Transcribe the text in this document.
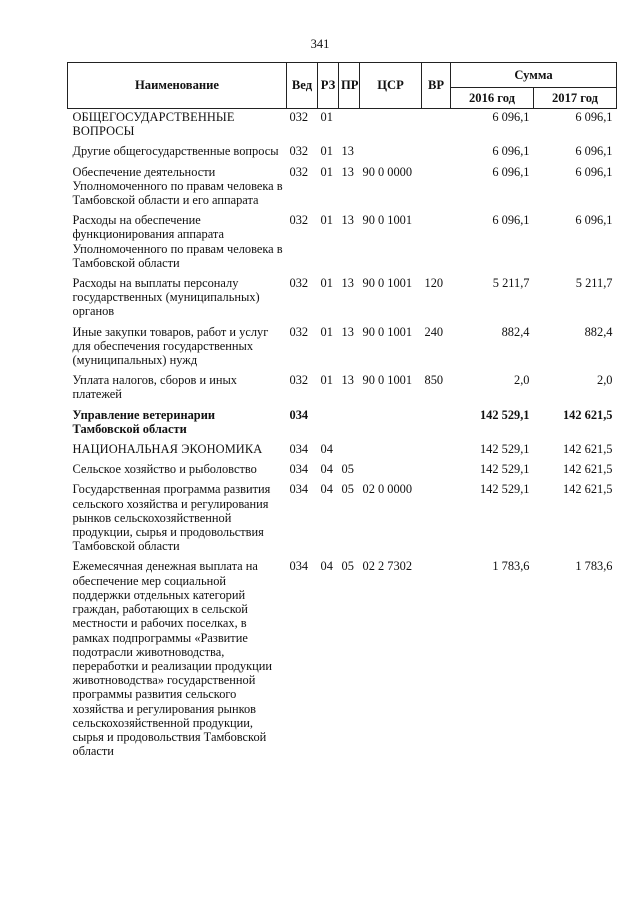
341
Наименование	Вед	РЗ	ПР	ЦСР	ВР	Сумма	
						2016 год	2017 год
ОБЩЕГОСУДАРСТВЕННЫЕ ВОПРОСЫ	032	01				6 096,1	6 096,1
Другие общегосударственные вопросы	032	01	13			6 096,1	6 096,1
Обеспечение деятельности Уполномоченного по правам человека в Тамбовской области и его аппарата	032	01	13	90 0 0000		6 096,1	6 096,1
Расходы на обеспечение функционирования аппарата Уполномоченного по правам человека в Тамбовской области	032	01	13	90 0 1001		6 096,1	6 096,1
Расходы на выплаты персоналу государственных (муниципальных) органов	032	01	13	90 0 1001	120	5 211,7	5 211,7
Иные закупки товаров, работ и услуг для обеспечения государственных (муниципальных) нужд	032	01	13	90 0 1001	240	882,4	882,4
Уплата налогов, сборов и иных платежей	032	01	13	90 0 1001	850	2,0	2,0
Управление ветеринарии Тамбовской области	034					142 529,1	142 621,5
НАЦИОНАЛЬНАЯ ЭКОНОМИКА	034	04				142 529,1	142 621,5
Сельское хозяйство и рыболовство	034	04	05			142 529,1	142 621,5
Государственная программа развития сельского хозяйства и регулирования рынков сельскохозяйственной продукции, сырья и продовольствия Тамбовской области	034	04	05	02 0 0000		142 529,1	142 621,5
Ежемесячная денежная выплата на обеспечение мер социальной поддержки отдельных категорий граждан, работающих в сельской местности и рабочих поселках, в рамках подпрограммы «Развитие подотрасли животноводства, переработки и реализации продукции животноводства» государственной программы развития сельского хозяйства и регулирования рынков сельскохозяйственной продукции, сырья и продовольствия Тамбовской области	034	04	05	02 2 7302		1 783,6	1 783,6
